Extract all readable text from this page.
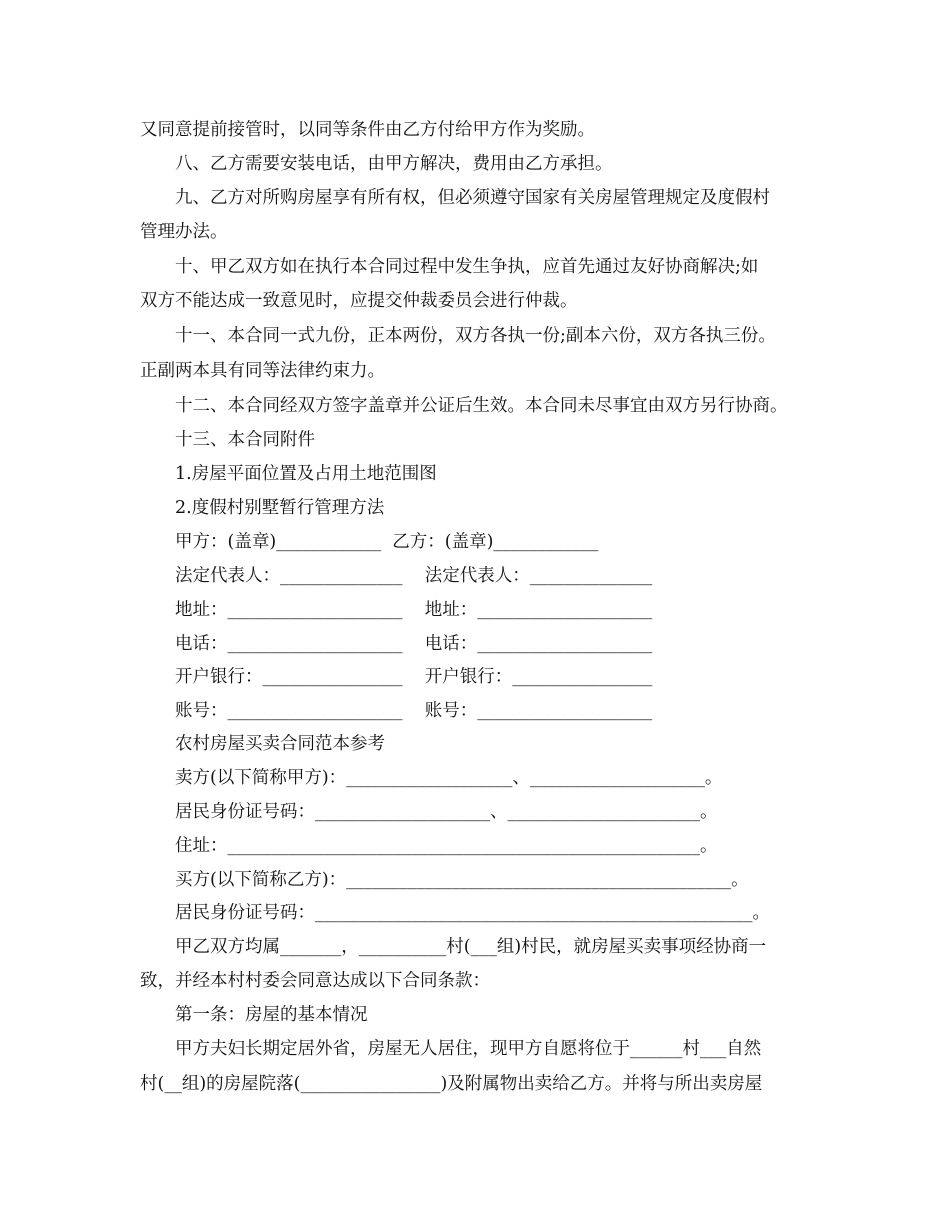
又同意提前接管时，以同等条件由乙方付给甲方作为奖励。
八、乙方需要安装电话，由甲方解决，费用由乙方承担。
九、乙方对所购房屋享有所有权，但必须遵守国家有关房屋管理规定及度假村
管理办法。
十、甲乙双方如在执行本合同过程中发生争执，应首先通过友好协商解决;如
双方不能达成一致意见时，应提交仲裁委员会进行仲裁。
十一、本合同一式九份，正本两份，双方各执一份;副本六份，双方各执三份。
正副两本具有同等法律约束力。
十二、本合同经双方签字盖章并公证后生效。本合同未尽事宜由双方另行协商。
十三、本合同附件
1.房屋平面位置及占用土地范围图
2.度假村别墅暂行管理方法
甲方：(盖章)____________  乙方：(盖章)____________
法定代表人：______________    法定代表人：______________
地址：____________________    地址：____________________
电话：____________________    电话：____________________
开户银行：________________    开户银行：________________
账号：____________________    账号：____________________
农村房屋买卖合同范本参考
卖方(以下简称甲方)：___________________、____________________。
居民身份证号码：____________________、______________________。
住址：______________________________________________________。
买方(以下简称乙方)：____________________________________________。
居民身份证号码：__________________________________________________。
甲乙双方均属_______，__________村(___组)村民，就房屋买卖事项经协商一
致，并经本村村委会同意达成以下合同条款：
第一条：房屋的基本情况
甲方夫妇长期定居外省，房屋无人居住，现甲方自愿将位于______村___自然
村(__组)的房屋院落(________________)及附属物出卖给乙方。并将与所出卖房屋
